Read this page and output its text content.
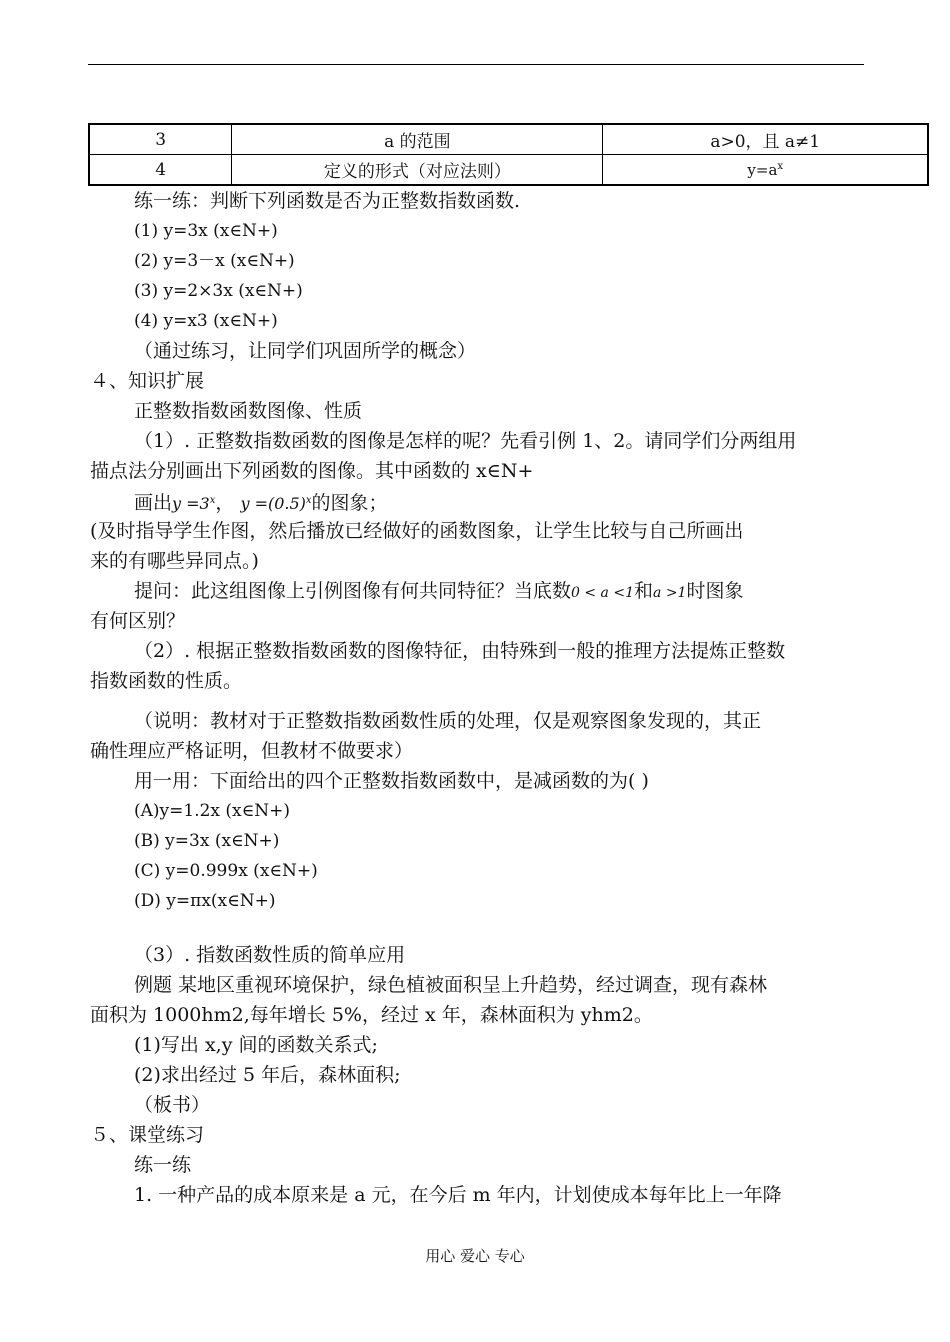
3	a 的范围	a>0，且 a≠1
4	定义的形式（对应法则）	$y=a^x$
练一练：判断下列函数是否为正整数指数函数.
(1) y=3x (x∈N+)
(2) y=3－x (x∈N+)
(3) y=2×3x (x∈N+)
(4) y=x3 (x∈N+)
（通过练习，让同学们巩固所学的概念）
４、知识扩展
正整数指数函数图像、性质
（1）. 正整数指数函数的图像是怎样的呢？先看引例 1、2。请同学们分两组用
描点法分别画出下列函数的图像。其中函数的 x∈N+
画出$y =3^x$， $y =(0.5)^x$的图象；
(及时指导学生作图，然后播放已经做好的函数图象，让学生比较与自己所画出
来的有哪些异同点。)
提问：此这组图像上引例图像有何共同特征？当底数0 < a <1和a >1时图象
有何区别？
（2）. 根据正整数指数函数的图像特征，由特殊到一般的推理方法提炼正整数
指数函数的性质。
（说明：教材对于正整数指数函数性质的处理，仅是观察图象发现的，其正
确性理应严格证明，但教材不做要求）
用一用：下面给出的四个正整数指数函数中，是减函数的为( )
(A)y=1.2x (x∈N+)
(B) y=3x (x∈N+)
(C) y=0.999x (x∈N+)
(D) y=πx(x∈N+)
（3）. 指数函数性质的简单应用
例题 某地区重视环境保护，绿色植被面积呈上升趋势，经过调查，现有森林
面积为 1000hm2,每年增长 5%，经过 x 年，森林面积为 yhm2。
(1)写出 x,y 间的函数关系式;
(2)求出经过 5 年后，森林面积;
（板书）
５、课堂练习
练一练
1. 一种产品的成本原来是 a 元，在今后 m 年内，计划使成本每年比上一年降
用心 爱心 专心
